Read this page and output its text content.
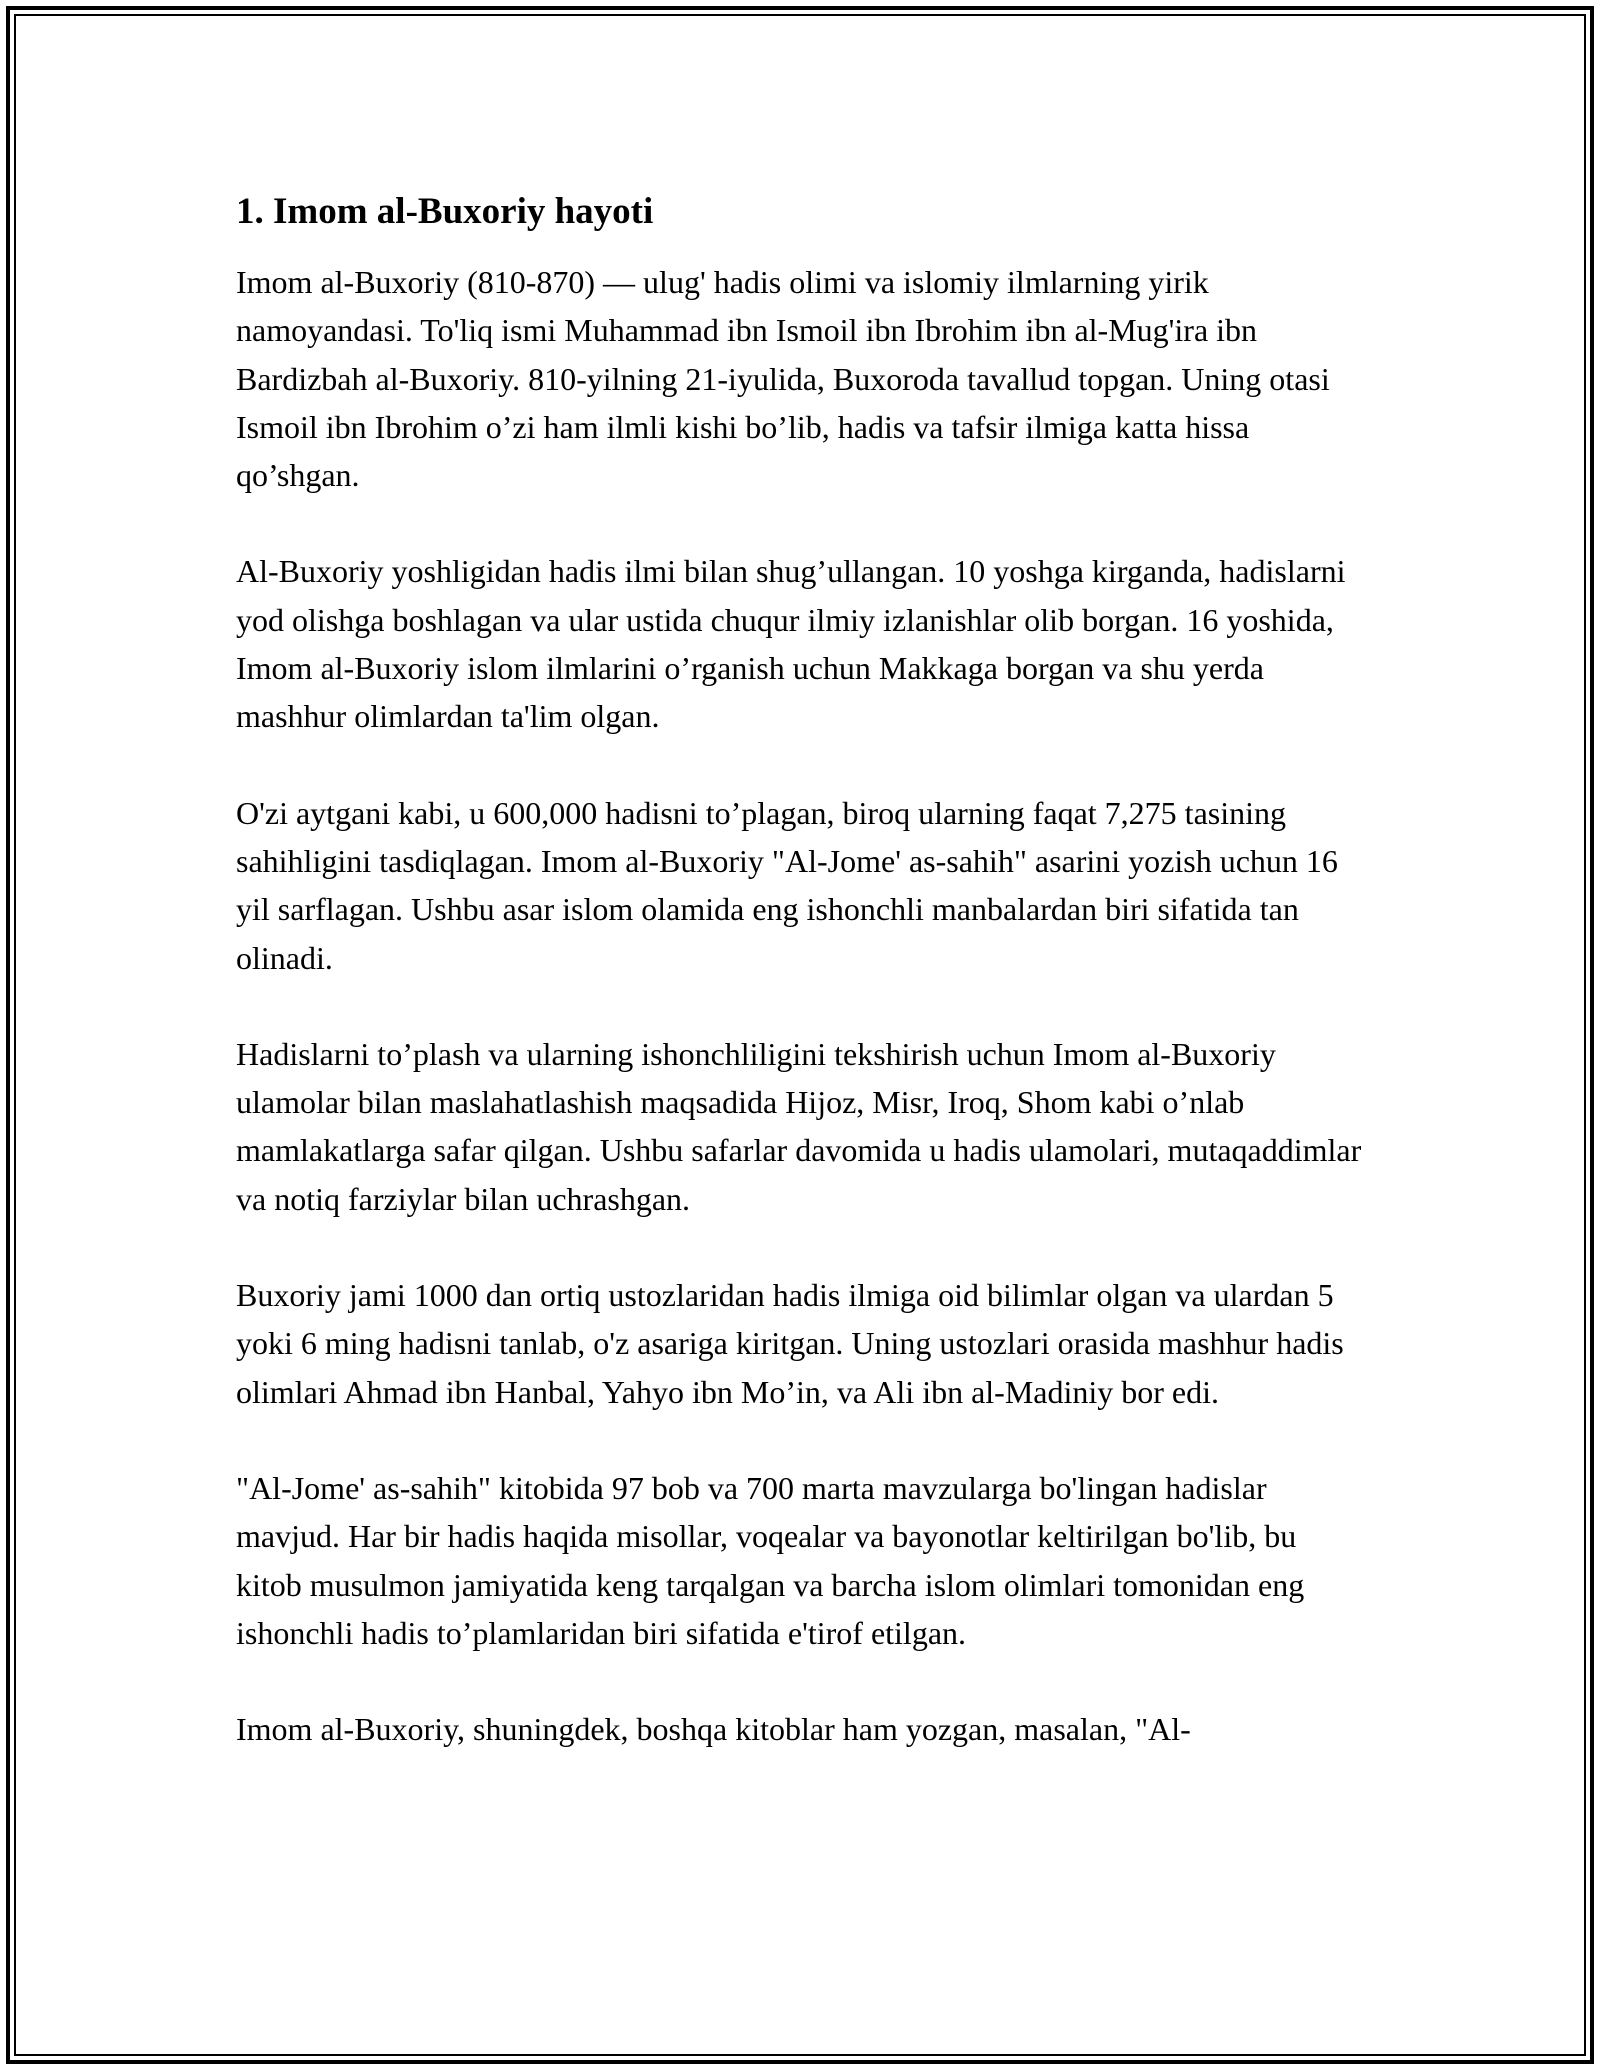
1. Imom al-Buxoriy hayoti

Imom al-Buxoriy (810-870) — ulug' hadis olimi va islomiy ilmlarning yirik namoyandasi. To'liq ismi Muhammad ibn Ismoil ibn Ibrohim ibn al-Mug'ira ibn Bardizbah al-Buxoriy. 810-yilning 21-iyulida, Buxoroda tavallud topgan. Uning otasi Ismoil ibn Ibrohim o’zi ham ilmli kishi bo’lib, hadis va tafsir ilmiga katta hissa qo’shgan.

Al-Buxoriy yoshligidan hadis ilmi bilan shug’ullangan. 10 yoshga kirganda, hadislarni yod olishga boshlagan va ular ustida chuqur ilmiy izlanishlar olib borgan. 16 yoshida, Imom al-Buxoriy islom ilmlarini o’rganish uchun Makkaga borgan va shu yerda mashhur olimlardan ta'lim olgan.

O'zi aytgani kabi, u 600,000 hadisni to’plagan, biroq ularning faqat 7,275 tasining sahihligini tasdiqlagan. Imom al-Buxoriy "Al-Jome' as-sahih" asarini yozish uchun 16 yil sarflagan. Ushbu asar islom olamida eng ishonchli manbalardan biri sifatida tan olinadi.

Hadislarni to’plash va ularning ishonchliligini tekshirish uchun Imom al-Buxoriy ulamolar bilan maslahatlashish maqsadida Hijoz, Misr, Iroq, Shom kabi o’nlab mamlakatlarga safar qilgan. Ushbu safarlar davomida u hadis ulamolari, mutaqaddimlar va notiq farziylar bilan uchrashgan.

Buxoriy jami 1000 dan ortiq ustozlaridan hadis ilmiga oid bilimlar olgan va ulardan 5 yoki 6 ming hadisni tanlab, o'z asariga kiritgan. Uning ustozlari orasida mashhur hadis olimlari Ahmad ibn Hanbal, Yahyo ibn Mo’in, va Ali ibn al-Madiniy bor edi.

"Al-Jome' as-sahih" kitobida 97 bob va 700 marta mavzularga bo'lingan hadislar mavjud. Har bir hadis haqida misollar, voqealar va bayonotlar keltirilgan bo'lib, bu kitob musulmon jamiyatida keng tarqalgan va barcha islom olimlari tomonidan eng ishonchli hadis to’plamlaridan biri sifatida e'tirof etilgan.

Imom al-Buxoriy, shuningdek, boshqa kitoblar ham yozgan, masalan, "Al-
